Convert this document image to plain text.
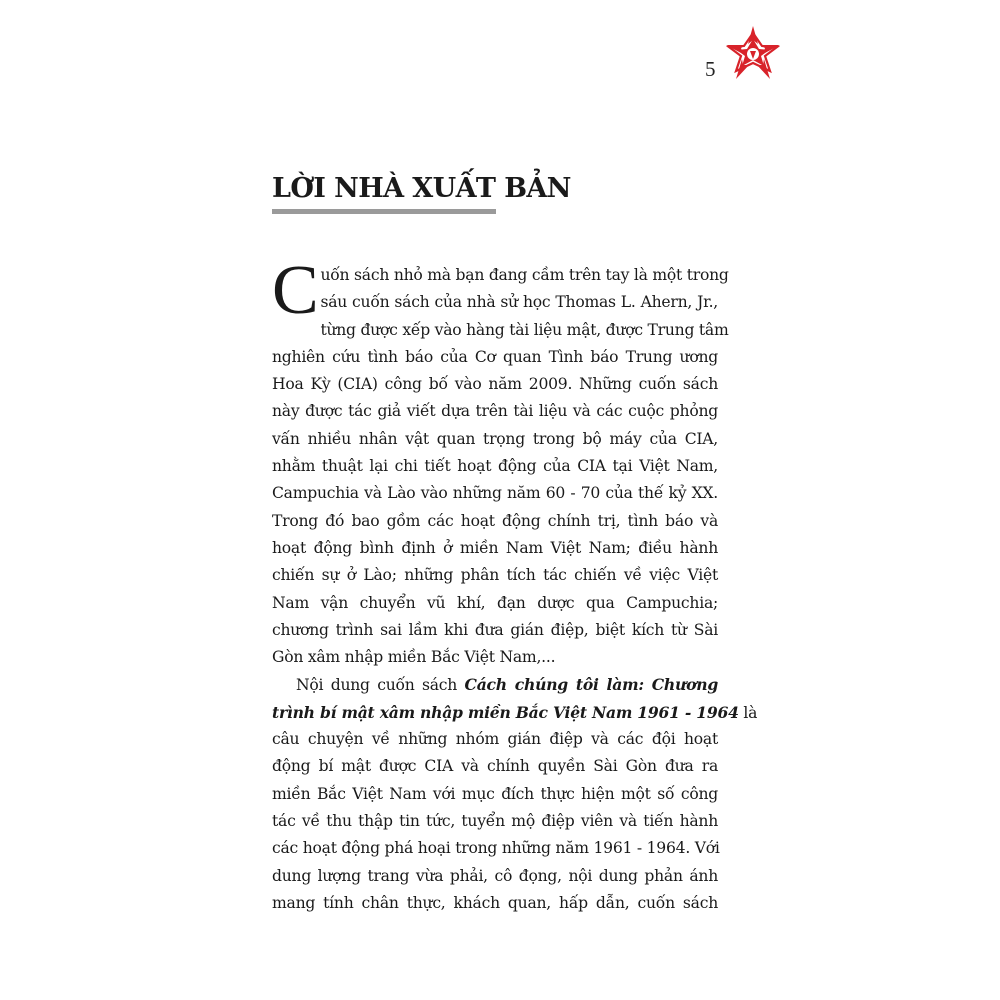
5
LỜI NHÀ XUẤT BẢN
C uốn sách nhỏ mà bạn đang cầm trên tay là một trong
sáu cuốn sách của nhà sử học Thomas L. Ahern, Jr.,
từng được xếp vào hàng tài liệu mật, được Trung tâm
nghiên cứu tình báo của Cơ quan Tình báo Trung ương
Hoa Kỳ (CIA) công bố vào năm 2009. Những cuốn sách
này được tác giả viết dựa trên tài liệu và các cuộc phỏng
vấn nhiều nhân vật quan trọng trong bộ máy của CIA,
nhằm thuật lại chi tiết hoạt động của CIA tại Việt Nam,
Campuchia và Lào vào những năm 60 - 70 của thế kỷ XX.
Trong đó bao gồm các hoạt động chính trị, tình báo và
hoạt động bình định ở miền Nam Việt Nam; điều hành
chiến sự ở Lào; những phân tích tác chiến về việc Việt
Nam vận chuyển vũ khí, đạn dược qua Campuchia;
chương trình sai lầm khi đưa gián điệp, biệt kích từ Sài
Gòn xâm nhập miền Bắc Việt Nam,...
Nội dung cuốn sách Cách chúng tôi làm: Chương
trình bí mật xâm nhập miền Bắc Việt Nam 1961 - 1964 là
câu chuyện về những nhóm gián điệp và các đội hoạt
động bí mật được CIA và chính quyền Sài Gòn đưa ra
miền Bắc Việt Nam với mục đích thực hiện một số công
tác về thu thập tin tức, tuyển mộ điệp viên và tiến hành
các hoạt động phá hoại trong những năm 1961 - 1964. Với
dung lượng trang vừa phải, cô đọng, nội dung phản ánh
mang tính chân thực, khách quan, hấp dẫn, cuốn sách
